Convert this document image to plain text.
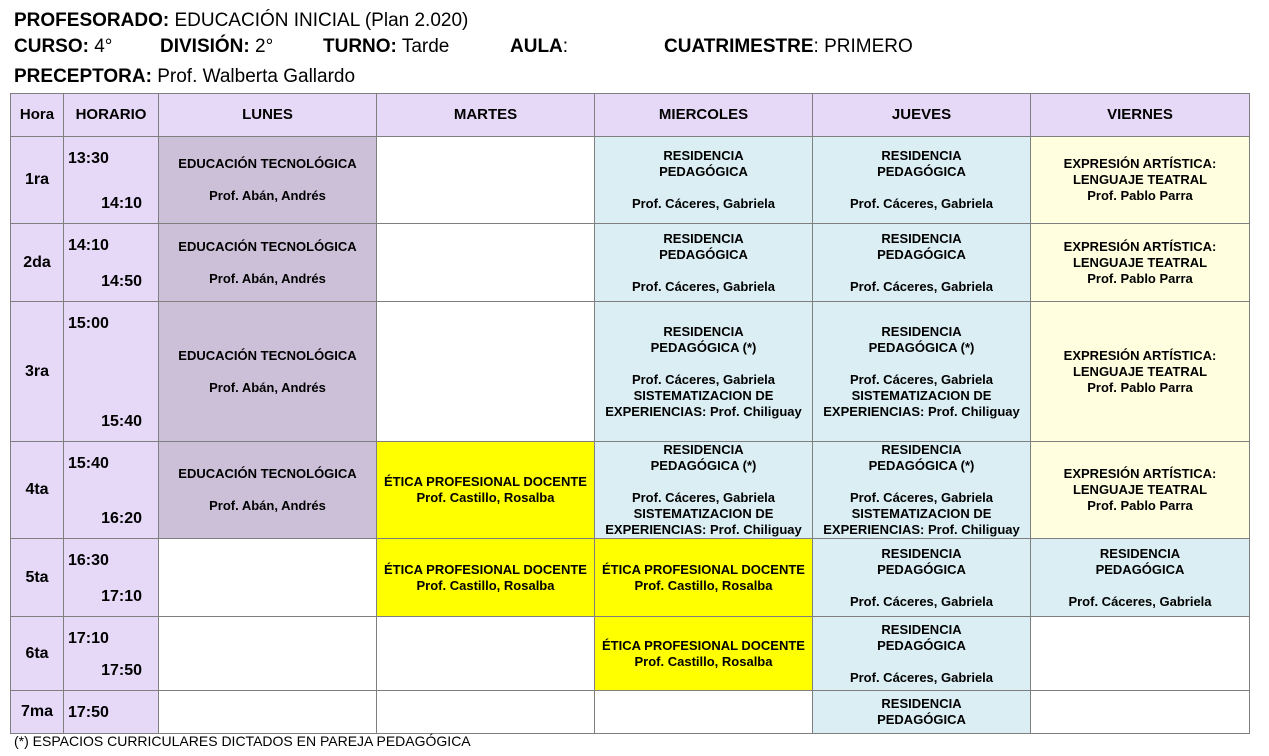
PROFESORADO: EDUCACIÓN INICIAL (Plan 2.020)
CURSO: 4°	DIVISIÓN: 2°	TURNO: Tarde	AULA:	CUATRIMESTRE: PRIMERO
PRECEPTORA: Prof. Walberta Gallardo
Hora	HORARIO	LUNES	MARTES	MIERCOLES	JUEVES	VIERNES
1ra	13:30
14:10	EDUCACIÓN TECNOLÓGICA
Prof. Abán, Andrés		RESIDENCIA
PEDAGÓGICA
Prof. Cáceres, Gabriela	RESIDENCIA
PEDAGÓGICA
Prof. Cáceres, Gabriela	EXPRESIÓN ARTÍSTICA:
LENGUAJE TEATRAL
Prof. Pablo Parra

2da	14:10
14:50	EDUCACIÓN TECNOLÓGICA
Prof. Abán, Andrés		RESIDENCIA
PEDAGÓGICA
Prof. Cáceres, Gabriela	RESIDENCIA
PEDAGÓGICA
Prof. Cáceres, Gabriela	EXPRESIÓN ARTÍSTICA:
LENGUAJE TEATRAL
Prof. Pablo Parra

3ra	15:00
15:40	EDUCACIÓN TECNOLÓGICA
Prof. Abán, Andrés		RESIDENCIA
PEDAGÓGICA (*)
Prof. Cáceres, Gabriela
SISTEMATIZACION DE
EXPERIENCIAS: Prof. Chiliguay	RESIDENCIA
PEDAGÓGICA (*)
Prof. Cáceres, Gabriela
SISTEMATIZACION DE
EXPERIENCIAS: Prof. Chiliguay	EXPRESIÓN ARTÍSTICA:
LENGUAJE TEATRAL
Prof. Pablo Parra

4ta	15:40
16:20	EDUCACIÓN TECNOLÓGICA
Prof. Abán, Andrés	ÉTICA PROFESIONAL DOCENTE
Prof. Castillo, Rosalba	RESIDENCIA
PEDAGÓGICA (*)
Prof. Cáceres, Gabriela
SISTEMATIZACION DE
EXPERIENCIAS: Prof. Chiliguay	RESIDENCIA
PEDAGÓGICA (*)
Prof. Cáceres, Gabriela
SISTEMATIZACION DE
EXPERIENCIAS: Prof. Chiliguay	EXPRESIÓN ARTÍSTICA:
LENGUAJE TEATRAL
Prof. Pablo Parra

5ta	16:30
17:10		ÉTICA PROFESIONAL DOCENTE
Prof. Castillo, Rosalba	ÉTICA PROFESIONAL DOCENTE
Prof. Castillo, Rosalba	RESIDENCIA
PEDAGÓGICA
Prof. Cáceres, Gabriela	RESIDENCIA
PEDAGÓGICA
Prof. Cáceres, Gabriela

6ta	17:10
17:50			ÉTICA PROFESIONAL DOCENTE
Prof. Castillo, Rosalba	RESIDENCIA
PEDAGÓGICA
Prof. Cáceres, Gabriela	

7ma	17:50				RESIDENCIA
PEDAGÓGICA	

(*) ESPACIOS CURRICULARES DICTADOS EN PAREJA PEDAGÓGICA
